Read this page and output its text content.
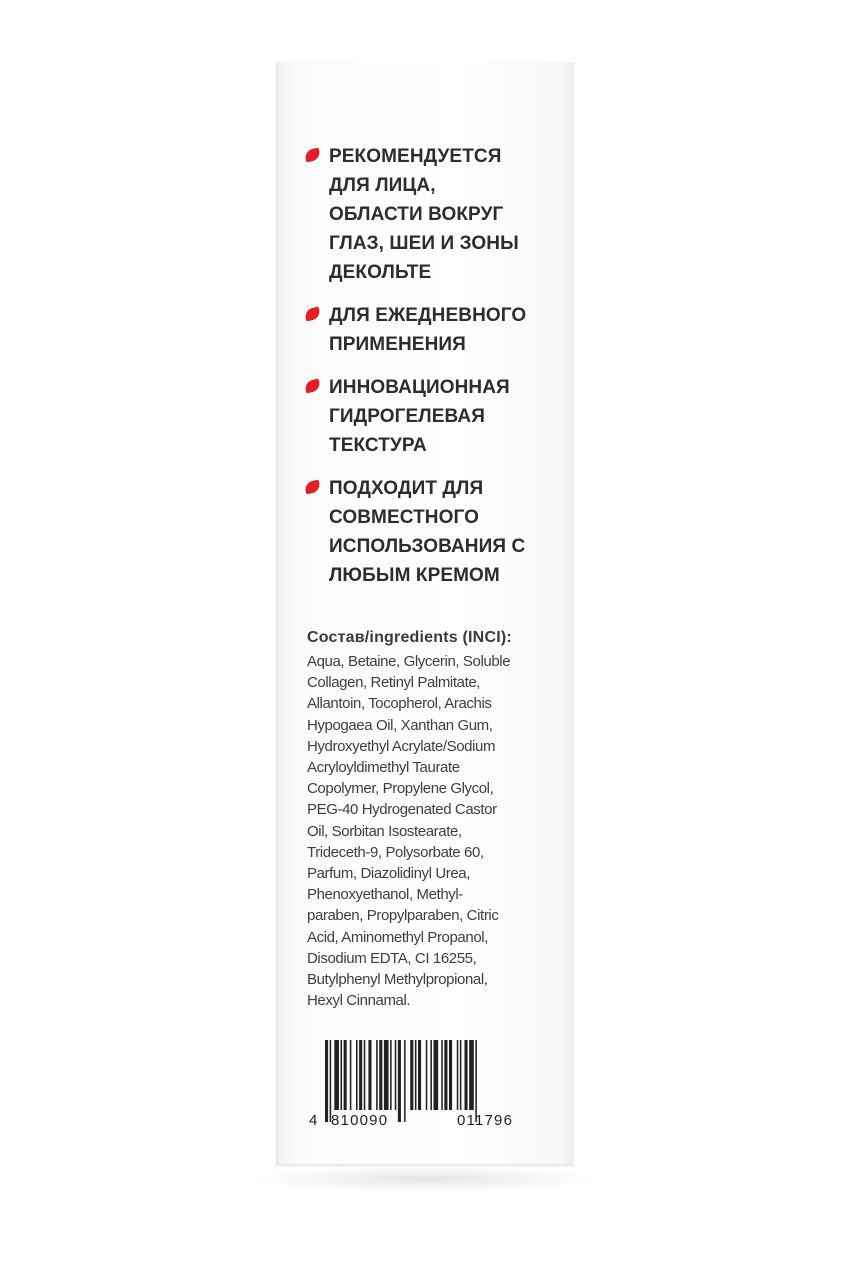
РЕКОМЕНДУЕТСЯ
ДЛЯ ЛИЦА,
ОБЛАСТИ ВОКРУГ
ГЛАЗ, ШЕИ И ЗОНЫ
ДЕКОЛЬТЕ
ДЛЯ ЕЖЕДНЕВНОГО
ПРИМЕНЕНИЯ
ИННОВАЦИОННАЯ
ГИДРОГЕЛЕВАЯ
ТЕКСТУРА
ПОДХОДИТ ДЛЯ
СОВМЕСТНОГО
ИСПОЛЬЗОВАНИЯ С
ЛЮБЫМ КРЕМОМ
Состав/ingredients (INCI):
Aqua, Betaine, Glycerin, Soluble
Collagen, Retinyl Palmitate,
Allantoin, Tocopherol, Arachis
Hypogaea Oil, Xanthan Gum,
Hydroxyethyl Acrylate/Sodium
Acryloyldimethyl Taurate
Copolymer, Propylene Glycol,
PEG-40 Hydrogenated Castor
Oil, Sorbitan Isostearate,
Trideceth-9, Polysorbate 60,
Parfum, Diazolidinyl Urea,
Phenoxyethanol, Methyl-
paraben, Propylparaben, Citric
Acid, Aminomethyl Propanol,
Disodium EDTA, CI 16255,
Butylphenyl Methylpropional,
Hexyl Cinnamal.
4 810090	011796
